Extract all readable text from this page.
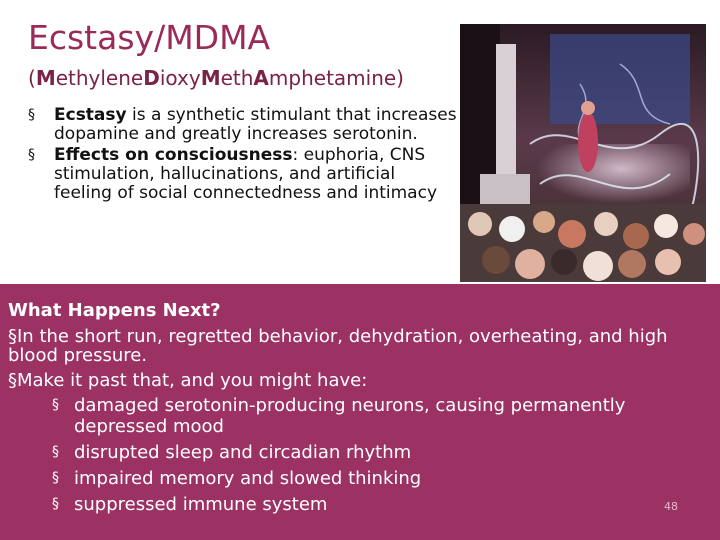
Ecstasy/MDMA
(MethyleneDioxyMethAmphetamine)
§ Ecstasy is a synthetic stimulant that increases dopamine and greatly increases serotonin.
§ Effects on consciousness: euphoria, CNS stimulation, hallucinations, and artificial feeling of social connectedness and intimacy
What Happens Next?
§In the short run, regretted behavior, dehydration, overheating, and high blood pressure.
§Make it past that, and you might have:
§ damaged serotonin-producing neurons, causing permanently depressed mood
§ disrupted sleep and circadian rhythm
§ impaired memory and slowed thinking
§ suppressed immune system	48
